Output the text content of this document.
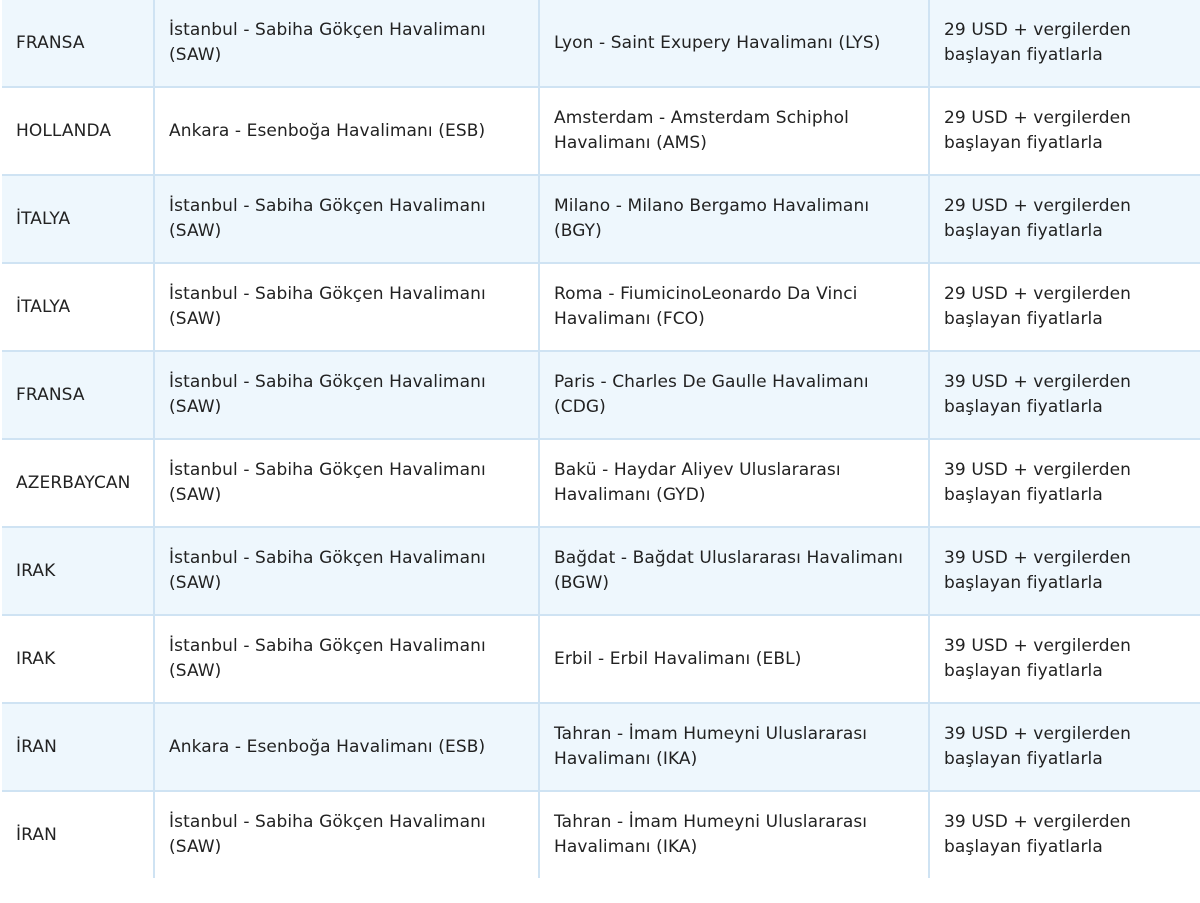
FRANSA	İstanbul - Sabiha Gökçen Havalimanı (SAW)	Lyon - Saint Exupery Havalimanı (LYS)	29 USD + vergilerden başlayan fiyatlarla
HOLLANDA	Ankara - Esenboğa Havalimanı (ESB)	Amsterdam - Amsterdam Schiphol Havalimanı (AMS)	29 USD + vergilerden başlayan fiyatlarla
İTALYA	İstanbul - Sabiha Gökçen Havalimanı (SAW)	Milano - Milano Bergamo Havalimanı (BGY)	29 USD + vergilerden başlayan fiyatlarla
İTALYA	İstanbul - Sabiha Gökçen Havalimanı (SAW)	Roma - FiumicinoLeonardo Da Vinci Havalimanı (FCO)	29 USD + vergilerden başlayan fiyatlarla
FRANSA	İstanbul - Sabiha Gökçen Havalimanı (SAW)	Paris - Charles De Gaulle Havalimanı (CDG)	39 USD + vergilerden başlayan fiyatlarla
AZERBAYCAN	İstanbul - Sabiha Gökçen Havalimanı (SAW)	Bakü - Haydar Aliyev Uluslararası Havalimanı (GYD)	39 USD + vergilerden başlayan fiyatlarla
IRAK	İstanbul - Sabiha Gökçen Havalimanı (SAW)	Bağdat - Bağdat Uluslararası Havalimanı (BGW)	39 USD + vergilerden başlayan fiyatlarla
IRAK	İstanbul - Sabiha Gökçen Havalimanı (SAW)	Erbil - Erbil Havalimanı (EBL)	39 USD + vergilerden başlayan fiyatlarla
İRAN	Ankara - Esenboğa Havalimanı (ESB)	Tahran - İmam Humeyni Uluslararası Havalimanı (IKA)	39 USD + vergilerden başlayan fiyatlarla
İRAN	İstanbul - Sabiha Gökçen Havalimanı (SAW)	Tahran - İmam Humeyni Uluslararası Havalimanı (IKA)	39 USD + vergilerden başlayan fiyatlarla
